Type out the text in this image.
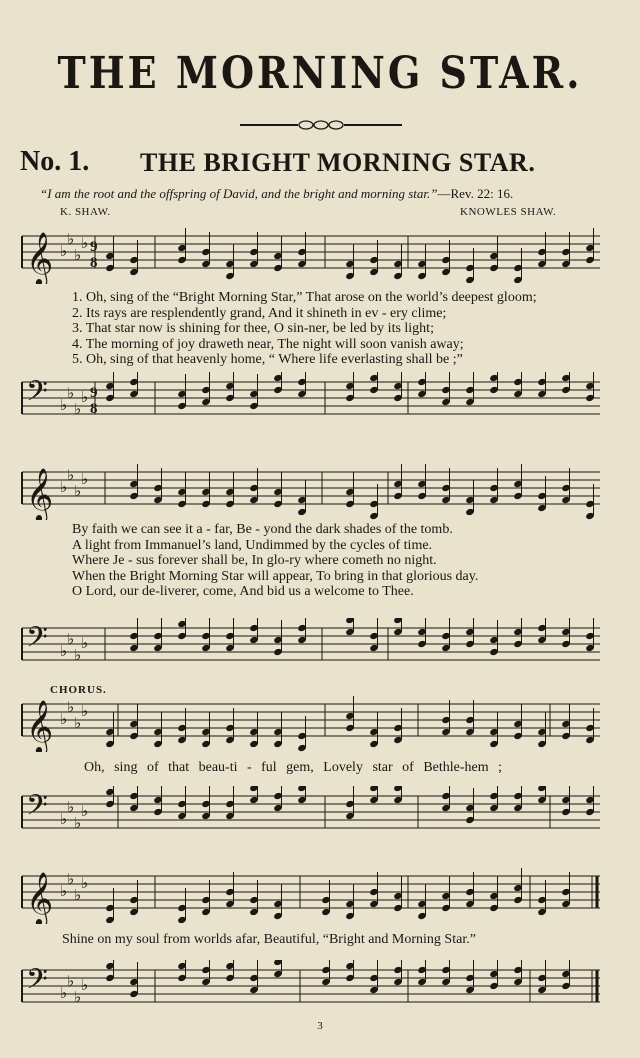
THE MORNING STAR.
No. 1. THE BRIGHT MORNING STAR.
“I am the root and the offspring of David, and the bright and morning star.”—Rev. 22: 16.
K. SHAW.	KNOWLES SHAW.
𝄞 ♭
♭
♭
♭ 9
8
1. Oh, sing of the “Bright Morning Star,” That arose on the world’s deepest gloom;
2. Its rays are resplendently grand, And it shineth in ev - ery clime;
3. That star now is shining for thee, O sin-ner, be led by its light;
4. The morning of joy draweth near, The night will soon vanish away;
5. Oh, sing of that heavenly home, “ Where life everlasting shall be ;”
𝄢 ♭
♭
♭
♭ 9
8
𝄞 ♭
♭
♭
♭
By faith we can see it a - far, Be - yond the dark shades of the tomb.
A light from Immanuel’s land, Undimmed by the cycles of time.
Where Je - sus forever shall be, In glo-ry where cometh no night.
When the Bright Morning Star will appear, To bring in that glorious day.
O Lord, our de-liverer, come, And bid us a welcome to Thee.
𝄢 ♭
♭
♭
♭
CHORUS.
𝄞 ♭
♭
♭
♭
Oh, sing of that beau-ti - ful gem, Lovely star of Bethle-hem ;
𝄢 ♭
♭
♭
♭
𝄞 ♭
♭
♭
♭
Shine on my soul from worlds afar, Beautiful, “Bright and Morning Star.”
𝄢 ♭
♭
♭
♭
3
